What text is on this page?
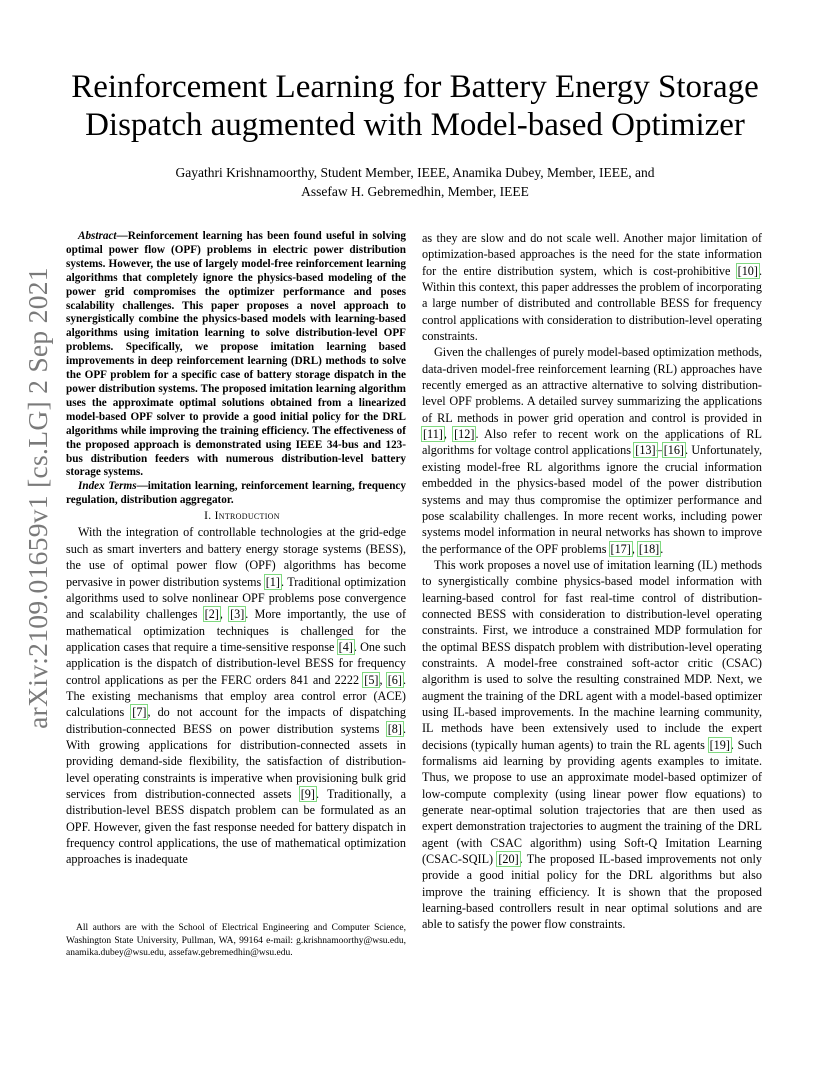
arXiv:2109.01659v1 [cs.LG] 2 Sep 2021
Reinforcement Learning for Battery Energy Storage
Dispatch augmented with Model-based Optimizer
Gayathri Krishnamoorthy, Student Member, IEEE, Anamika Dubey, Member, IEEE, and
Assefaw H. Gebremedhin, Member, IEEE

Abstract—Reinforcement learning has been found useful in solving optimal power flow (OPF) problems in electric power distribution systems. However, the use of largely model-free reinforcement learning algorithms that completely ignore the physics-based modeling of the power grid compromises the optimizer performance and poses scalability challenges. This paper proposes a novel approach to synergistically combine the physics-based models with learning-based algorithms using imitation learning to solve distribution-level OPF problems. Specifically, we propose imitation learning based improvements in deep reinforcement learning (DRL) methods to solve the OPF problem for a specific case of battery storage dispatch in the power distribution systems. The proposed imitation learning algorithm uses the approximate optimal solutions obtained from a linearized model-based OPF solver to provide a good initial policy for the DRL algorithms while improving the training efficiency. The effectiveness of the proposed approach is demonstrated using IEEE 34-bus and 123-bus distribution feeders with numerous distribution-level battery storage systems.

Index Terms—imitation learning, reinforcement learning, frequency regulation, distribution aggregator.

I. Introduction

With the integration of controllable technologies at the grid-edge such as smart inverters and battery energy storage systems (BESS), the use of optimal power flow (OPF) algorithms has become pervasive in power distribution systems [1]. Traditional optimization algorithms used to solve nonlinear OPF problems pose convergence and scalability challenges [2], [3]. More importantly, the use of mathematical optimization techniques is challenged for the application cases that require a time-sensitive response [4]. One such application is the dispatch of distribution-level BESS for frequency control applications as per the FERC orders 841 and 2222 [5], [6]. The existing mechanisms that employ area control error (ACE) calculations [7], do not account for the impacts of dispatching distribution-connected BESS on power distribution systems [8]. With growing applications for distribution-connected assets in providing demand-side flexibility, the satisfaction of distribution-level operating constraints is imperative when provisioning bulk grid services from distribution-connected assets [9]. Traditionally, a distribution-level BESS dispatch problem can be formulated as an OPF. However, given the fast response needed for battery dispatch in frequency control applications, the use of mathematical optimization approaches is inadequate

All authors are with the School of Electrical Engineering and Computer Science, Washington State University, Pullman, WA, 99164 e-mail: g.krishnamoorthy@wsu.edu, anamika.dubey@wsu.edu, assefaw.gebremedhin@wsu.edu.

as they are slow and do not scale well. Another major limitation of optimization-based approaches is the need for the state information for the entire distribution system, which is cost-prohibitive [10]. Within this context, this paper addresses the problem of incorporating a large number of distributed and controllable BESS for frequency control applications with consideration to distribution-level operating constraints.

Given the challenges of purely model-based optimization methods, data-driven model-free reinforcement learning (RL) approaches have recently emerged as an attractive alternative to solving distribution-level OPF problems. A detailed survey summarizing the applications of RL methods in power grid operation and control is provided in [11], [12]. Also refer to recent work on the applications of RL algorithms for voltage control applications [13]–[16]. Unfortunately, existing model-free RL algorithms ignore the crucial information embedded in the physics-based model of the power distribution systems and may thus compromise the optimizer performance and pose scalability challenges. In more recent works, including power systems model information in neural networks has shown to improve the performance of the OPF problems [17], [18].

This work proposes a novel use of imitation learning (IL) methods to synergistically combine physics-based model information with learning-based control for fast real-time control of distribution-connected BESS with consideration to distribution-level operating constraints. First, we introduce a constrained MDP formulation for the optimal BESS dispatch problem with distribution-level operating constraints. A model-free constrained soft-actor critic (CSAC) algorithm is used to solve the resulting constrained MDP. Next, we augment the training of the DRL agent with a model-based optimizer using IL-based improvements. In the machine learning community, IL methods have been extensively used to include the expert decisions (typically human agents) to train the RL agents [19]. Such formalisms aid learning by providing agents examples to imitate. Thus, we propose to use an approximate model-based optimizer of low-compute complexity (using linear power flow equations) to generate near-optimal solution trajectories that are then used as expert demonstration trajectories to augment the training of the DRL agent (with CSAC algorithm) using Soft-Q Imitation Learning (CSAC-SQIL) [20]. The proposed IL-based improvements not only provide a good initial policy for the DRL algorithms but also improve the training efficiency. It is shown that the proposed learning-based controllers result in near optimal solutions and are able to satisfy the power flow constraints.
